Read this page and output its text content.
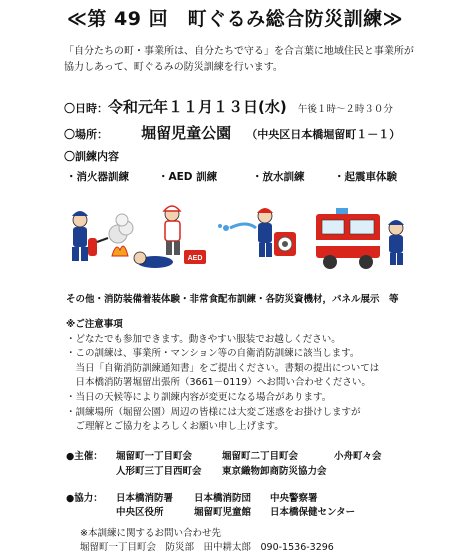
≪第 49 回　町ぐるみ総合防災訓練≫
「自分たちの町・事業所は、自分たちで守る」を合言葉に地域住民と事業所が
協力しあって、町ぐるみの防災訓練を行います。
〇日時：令和元年１１月１３日(水) 午後１時～２時３０分
〇場所： 堀留児童公園 （中央区日本橋堀留町１－１）
〇訓練内容
・消火器訓練	・AED 訓練	・放水訓練	・起震車体験
AED
その他・消防装備着装体験・非常食配布訓練・各防災資機材，パネル展示　等
※ご注意事項
・どなたでも参加できます。動きやすい服装でお越しください。
・この訓練は、事業所・マンション等の自衛消防訓練に該当します。
　当日「自衛消防訓練通知書」をご提出ください。書類の提出については
　日本橋消防署堀留出張所（3661－0119）へお問い合わせください。
・当日の天候等により訓練内容が変更になる場合があります。
・訓練場所（堀留公園）周辺の皆様には大変ご迷惑をお掛けしますが
　ご理解とご協力をよろしくお願い申し上げます。
●主催： 堀留町一丁目町会	堀留町二丁目町会	小舟町々会
人形町三丁目西町会 東京織物卸商防災協力会
●協力： 日本橋消防署 日本橋消防団 中央警察署
中央区役所	堀留町児童館 日本橋保健センター
※本訓練に関するお問い合わせ先
堀留町一丁目町会　防災部　田中耕太郎　090-1536-3296
